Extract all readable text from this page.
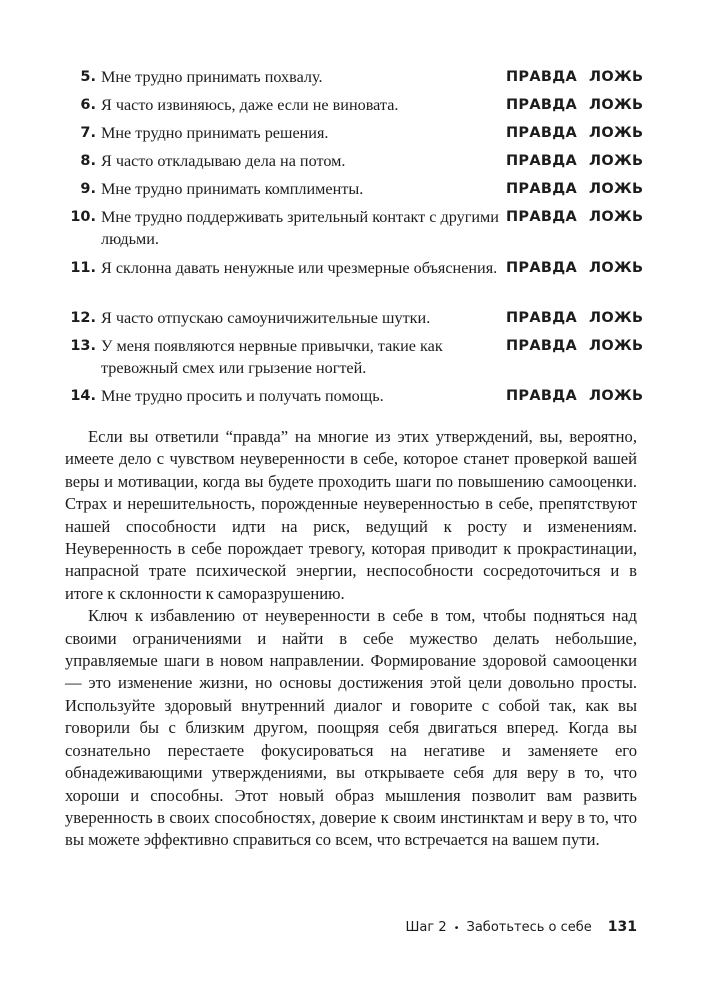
5. Мне трудно принимать похвалу.	ПРАВДА ЛОЖЬ
6. Я часто извиняюсь, даже если не виновата.	ПРАВДА ЛОЖЬ
7. Мне трудно принимать решения.	ПРАВДА ЛОЖЬ
8. Я часто откладываю дела на потом.	ПРАВДА ЛОЖЬ
9. Мне трудно принимать комплименты.	ПРАВДА ЛОЖЬ
10. Мне трудно поддерживать зрительный контакт с другими людьми.
ПРАВДА ЛОЖЬ
11. Я склонна давать ненужные или чрезмерные объяснения. ПРАВДА ЛОЖЬ
12. Я часто отпускаю самоуничижительные шутки.	ПРАВДА ЛОЖЬ
13. У меня появляются нервные привычки, такие как тревожный смех или грызение ногтей.
ПРАВДА ЛОЖЬ
14. Мне трудно просить и получать помощь.	ПРАВДА ЛОЖЬ

Если вы ответили “правда” на многие из этих утверждений, вы, вероятно, имеете дело с чувством неуверенности в себе, которое станет проверкой вашей веры и мотивации, когда вы будете проходить шаги по повышению самооценки. Страх и нерешительность, порожденные неуверенностью в себе, препятствуют нашей способности идти на риск, ведущий к росту и изменениям. Неуверенность в себе порождает тревогу, которая приводит к прокрастинации, напрасной трате психической энергии, неспособности сосредоточиться и в итоге к склонности к саморазрушению.

Ключ к избавлению от неуверенности в себе в том, чтобы подняться над своими ограничениями и найти в себе мужество делать небольшие, управляемые шаги в новом направлении. Формирование здоровой самооценки — это изменение жизни, но основы достижения этой цели довольно просты. Используйте здоровый внутренний диалог и говорите с собой так, как вы говорили бы с близким другом, поощряя себя двигаться вперед. Когда вы сознательно перестаете фокусироваться на негативе и заменяете его обнадеживающими утверждениями, вы открываете себя для веру в то, что хороши и способны. Этот новый образ мышления позволит вам развить уверенность в своих способностях, доверие к своим инстинктам и веру в то, что вы можете эффективно справиться со всем, что встречается на вашем пути.

Шаг 2 • Заботьтесь о себе 131
